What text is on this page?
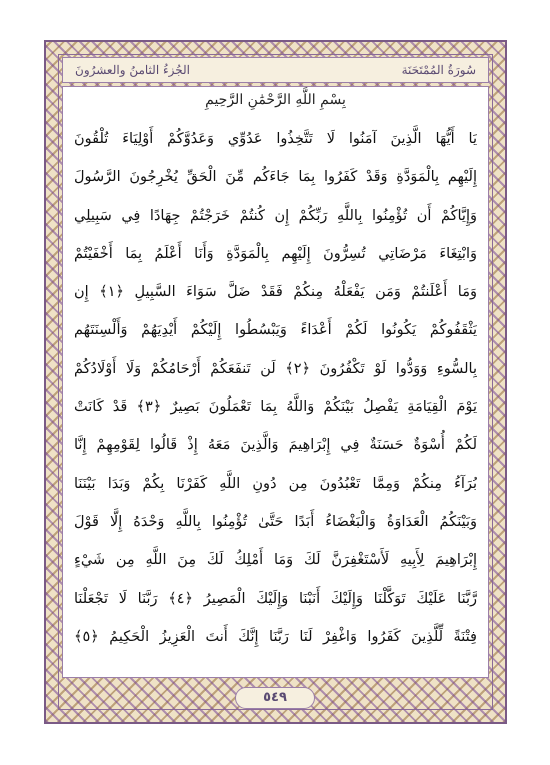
الجُزءُ الثامنُ والعشرُونَ	سُورَةُ المُمْتَحَنَة
بِسْمِ اللَّهِ الرَّحْمَٰنِ الرَّحِيمِ
يَا أَيُّهَا الَّذِينَ آمَنُوا لَا تَتَّخِذُوا عَدُوِّي وَعَدُوَّكُمْ أَوْلِيَاءَ تُلْقُونَ
إِلَيْهِم بِالْمَوَدَّةِ وَقَدْ كَفَرُوا بِمَا جَاءَكُم مِّنَ الْحَقِّ يُخْرِجُونَ الرَّسُولَ
وَإِيَّاكُمْ أَن تُؤْمِنُوا بِاللَّهِ رَبِّكُمْ إِن كُنتُمْ خَرَجْتُمْ جِهَادًا فِي سَبِيلِي
وَابْتِغَاءَ مَرْضَاتِي تُسِرُّونَ إِلَيْهِم بِالْمَوَدَّةِ وَأَنَا أَعْلَمُ بِمَا أَخْفَيْتُمْ
وَمَا أَعْلَنتُمْ وَمَن يَفْعَلْهُ مِنكُمْ فَقَدْ ضَلَّ سَوَاءَ السَّبِيلِ ﴿١﴾ إِن
يَثْقَفُوكُمْ يَكُونُوا لَكُمْ أَعْدَاءً وَيَبْسُطُوا إِلَيْكُمْ أَيْدِيَهُمْ وَأَلْسِنَتَهُم
بِالسُّوءِ وَوَدُّوا لَوْ تَكْفُرُونَ ﴿٢﴾ لَن تَنفَعَكُمْ أَرْحَامُكُمْ وَلَا أَوْلَادُكُمْ
يَوْمَ الْقِيَامَةِ يَفْصِلُ بَيْنَكُمْ وَاللَّهُ بِمَا تَعْمَلُونَ بَصِيرٌ ﴿٣﴾ قَدْ كَانَتْ
لَكُمْ أُسْوَةٌ حَسَنَةٌ فِي إِبْرَاهِيمَ وَالَّذِينَ مَعَهُ إِذْ قَالُوا لِقَوْمِهِمْ إِنَّا
بُرَآءُ مِنكُمْ وَمِمَّا تَعْبُدُونَ مِن دُونِ اللَّهِ كَفَرْنَا بِكُمْ وَبَدَا بَيْنَنَا
وَبَيْنَكُمُ الْعَدَاوَةُ وَالْبَغْضَاءُ أَبَدًا حَتَّىٰ تُؤْمِنُوا بِاللَّهِ وَحْدَهُ إِلَّا قَوْلَ
إِبْرَاهِيمَ لِأَبِيهِ لَأَسْتَغْفِرَنَّ لَكَ وَمَا أَمْلِكُ لَكَ مِنَ اللَّهِ مِن شَيْءٍ
رَّبَّنَا عَلَيْكَ تَوَكَّلْنَا وَإِلَيْكَ أَنَبْنَا وَإِلَيْكَ الْمَصِيرُ ﴿٤﴾ رَبَّنَا لَا تَجْعَلْنَا
فِتْنَةً لِّلَّذِينَ كَفَرُوا وَاغْفِرْ لَنَا رَبَّنَا إِنَّكَ أَنتَ الْعَزِيزُ الْحَكِيمُ ﴿٥﴾
٥٤٩
